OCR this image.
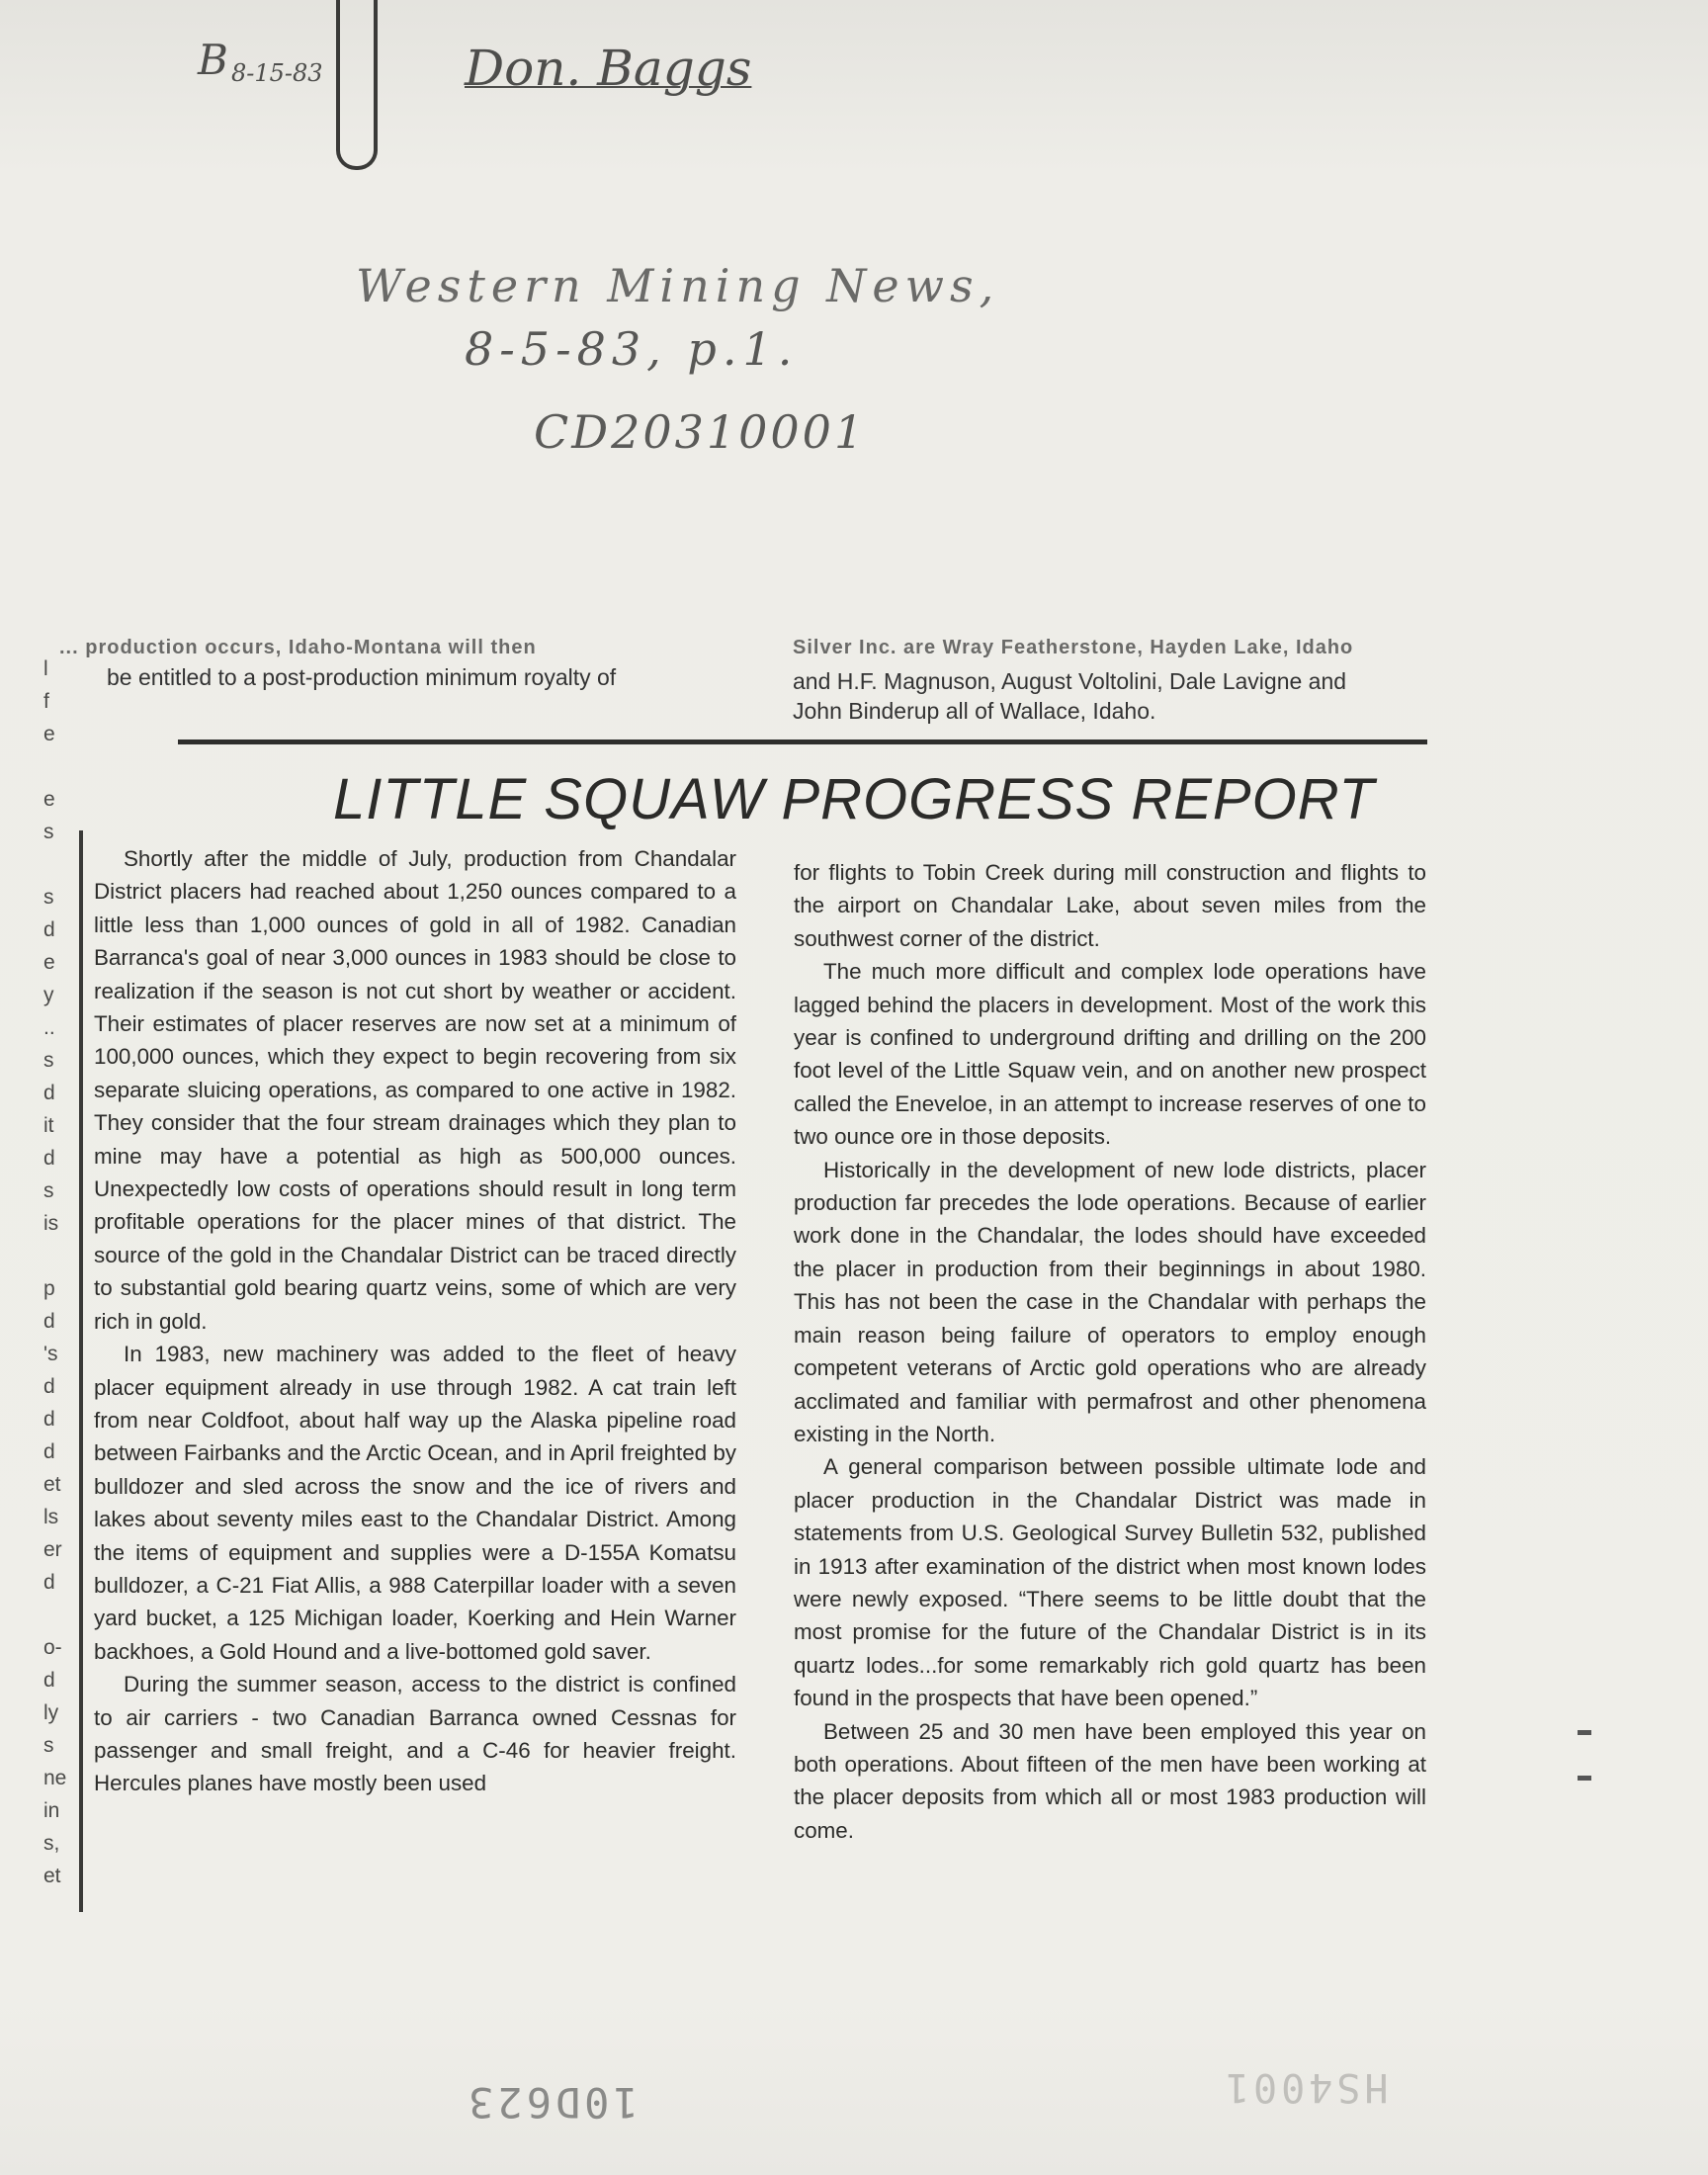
B 8-15-83	Don. Baggs
Western Mining News,
8-5-83, p.1.
CD20310001
... production occurs, Idaho-Montana will then
be entitled to a post-production minimum royalty of
Silver Inc. are Wray Featherstone, Hayden Lake, Idaho
and H.F. Magnuson, August Voltolini, Dale Lavigne and
John Binderup all of Wallace, Idaho.
l
f
e
e
s
s
d
e
y
..
s
d
it
d
s
is
p
d
's
d
d
d
et
ls
er
d
o-
d
ly
s
ne
in
s,
et
LITTLE SQUAW PROGRESS REPORT

Shortly after the middle of July, production from Chandalar District placers had reached about 1,250 ounces compared to a little less than 1,000 ounces of gold in all of 1982. Canadian Barranca's goal of near 3,000 ounces in 1983 should be close to realization if the season is not cut short by weather or accident. Their estimates of placer reserves are now set at a minimum of 100,000 ounces, which they expect to begin recovering from six separate sluicing operations, as compared to one active in 1982. They consider that the four stream drainages which they plan to mine may have a potential as high as 500,000 ounces. Unexpectedly low costs of operations should result in long term profitable operations for the placer mines of that district. The source of the gold in the Chandalar District can be traced directly to substantial gold bearing quartz veins, some of which are very rich in gold.

In 1983, new machinery was added to the fleet of heavy placer equipment already in use through 1982. A cat train left from near Coldfoot, about half way up the Alaska pipeline road between Fairbanks and the Arctic Ocean, and in April freighted by bulldozer and sled across the snow and the ice of rivers and lakes about seventy miles east to the Chandalar District. Among the items of equipment and supplies were a D-155A Komatsu bulldozer, a C-21 Fiat Allis, a 988 Caterpillar loader with a seven yard bucket, a 125 Michigan loader, Koerking and Hein Warner backhoes, a Gold Hound and a live-bottomed gold saver.

During the summer season, access to the district is confined to air carriers - two Canadian Barranca owned Cessnas for passenger and small freight, and a C-46 for heavier freight. Hercules planes have mostly been used

for flights to Tobin Creek during mill construction and flights to the airport on Chandalar Lake, about seven miles from the southwest corner of the district.

The much more difficult and complex lode operations have lagged behind the placers in development. Most of the work this year is confined to underground drifting and drilling on the 200 foot level of the Little Squaw vein, and on another new prospect called the Eneveloe, in an attempt to increase reserves of one to two ounce ore in those deposits.

Historically in the development of new lode districts, placer production far precedes the lode operations. Because of earlier work done in the Chandalar, the lodes should have exceeded the placer in production from their beginnings in about 1980. This has not been the case in the Chandalar with perhaps the main reason being failure of operators to employ enough competent veterans of Arctic gold operations who are already acclimated and familiar with permafrost and other phenomena existing in the North.

A general comparison between possible ultimate lode and placer production in the Chandalar District was made in statements from U.S. Geological Survey Bulletin 532, published in 1913 after examination of the district when most known lodes were newly exposed. “There seems to be little doubt that the most promise for the future of the Chandalar District is in its quartz lodes...for some remarkably rich gold quartz has been found in the prospects that have been opened.”

Between 25 and 30 men have been employed this year on both operations. About fifteen of the men have been working at the placer deposits from which all or most 1983 production will come.

10D623	HS4001
